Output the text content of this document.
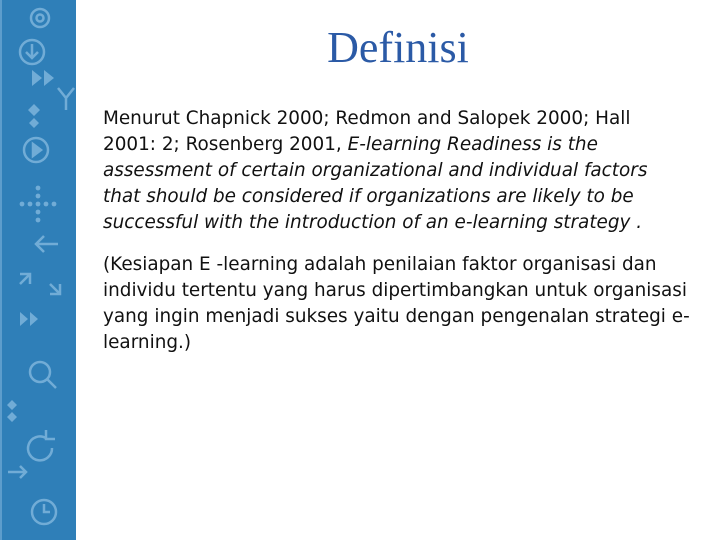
Definisi

Menurut Chapnick 2000; Redmon and Salopek 2000; Hall 2001: 2; Rosenberg 2001, E-learning Readiness is the assessment of certain organizational and individual factors that should be considered if organizations are likely to be successful with the introduction of an e-learning strategy .

(Kesiapan E -learning adalah penilaian faktor organisasi dan individu tertentu yang harus dipertimbangkan untuk organisasi yang ingin menjadi sukses yaitu dengan pengenalan strategi e-learning.)
